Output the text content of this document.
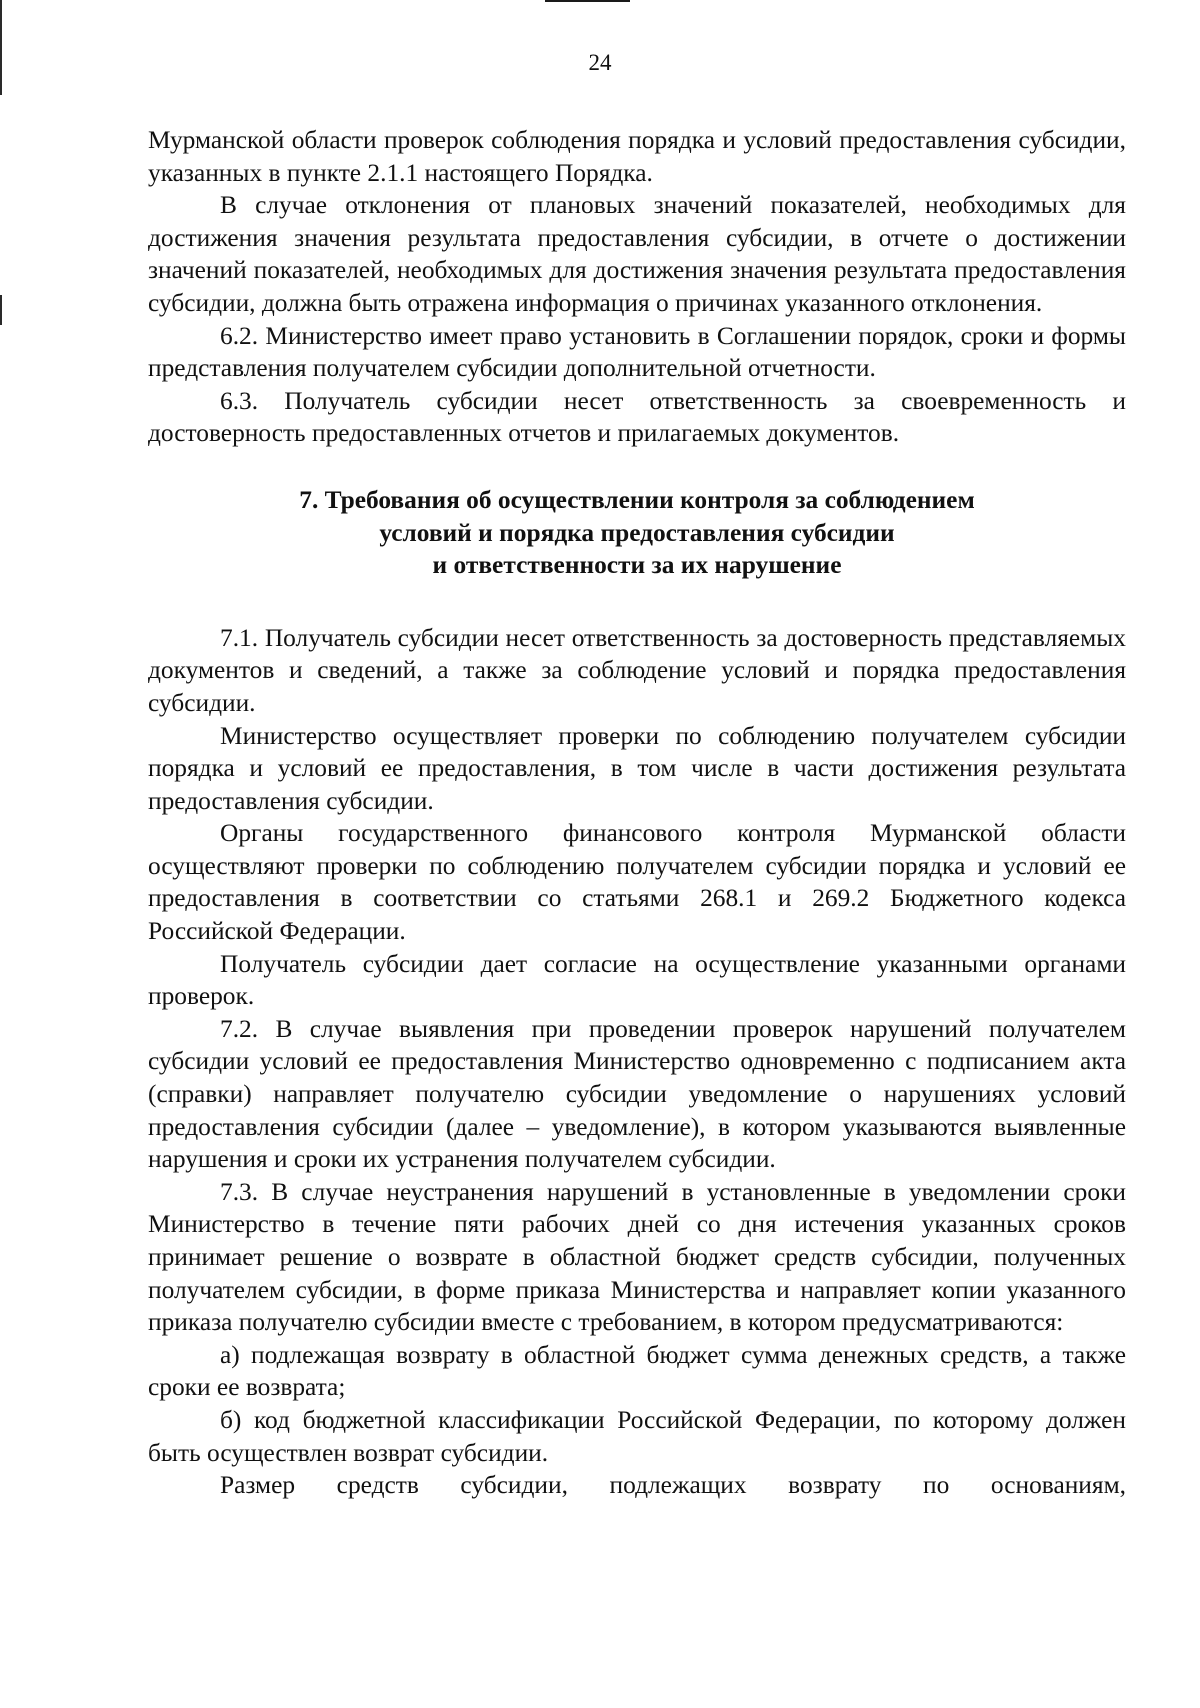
24

Мурманской области проверок соблюдения порядка и условий предоставления субсидии, указанных в пункте 2.1.1 настоящего Порядка.

В случае отклонения от плановых значений показателей, необходимых для достижения значения результата предоставления субсидии, в отчете о достижении значений показателей, необходимых для достижения значения результата предоставления субсидии, должна быть отражена информация о причинах указанного отклонения.

6.2. Министерство имеет право установить в Соглашении порядок, сроки и формы представления получателем субсидии дополнительной отчетности.

6.3. Получатель субсидии несет ответственность за своевременность и достоверность предоставленных отчетов и прилагаемых документов.

7. Требования об осуществлении контроля за соблюдением
условий и порядка предоставления субсидии
и ответственности за их нарушение

7.1. Получатель субсидии несет ответственность за достоверность представляемых документов и сведений, а также за соблюдение условий и порядка предоставления субсидии.

Министерство осуществляет проверки по соблюдению получателем субсидии порядка и условий ее предоставления, в том числе в части достижения результата предоставления субсидии.

Органы государственного финансового контроля Мурманской области осуществляют проверки по соблюдению получателем субсидии порядка и условий ее предоставления в соответствии со статьями 268.1 и 269.2 Бюджетного кодекса Российской Федерации.

Получатель субсидии дает согласие на осуществление указанными органами проверок.

7.2. В случае выявления при проведении проверок нарушений получателем субсидии условий ее предоставления Министерство одновременно с подписанием акта (справки) направляет получателю субсидии уведомление о нарушениях условий предоставления субсидии (далее – уведомление), в котором указываются выявленные нарушения и сроки их устранения получателем субсидии.

7.3. В случае неустранения нарушений в установленные в уведомлении сроки Министерство в течение пяти рабочих дней со дня истечения указанных сроков принимает решение о возврате в областной бюджет средств субсидии, полученных получателем субсидии, в форме приказа Министерства и направляет копии указанного приказа получателю субсидии вместе с требованием, в котором предусматриваются:

а) подлежащая возврату в областной бюджет сумма денежных средств, а также сроки ее возврата;

б) код бюджетной классификации Российской Федерации, по которому должен быть осуществлен возврат субсидии.

Размер средств субсидии, подлежащих возврату по основаниям,
